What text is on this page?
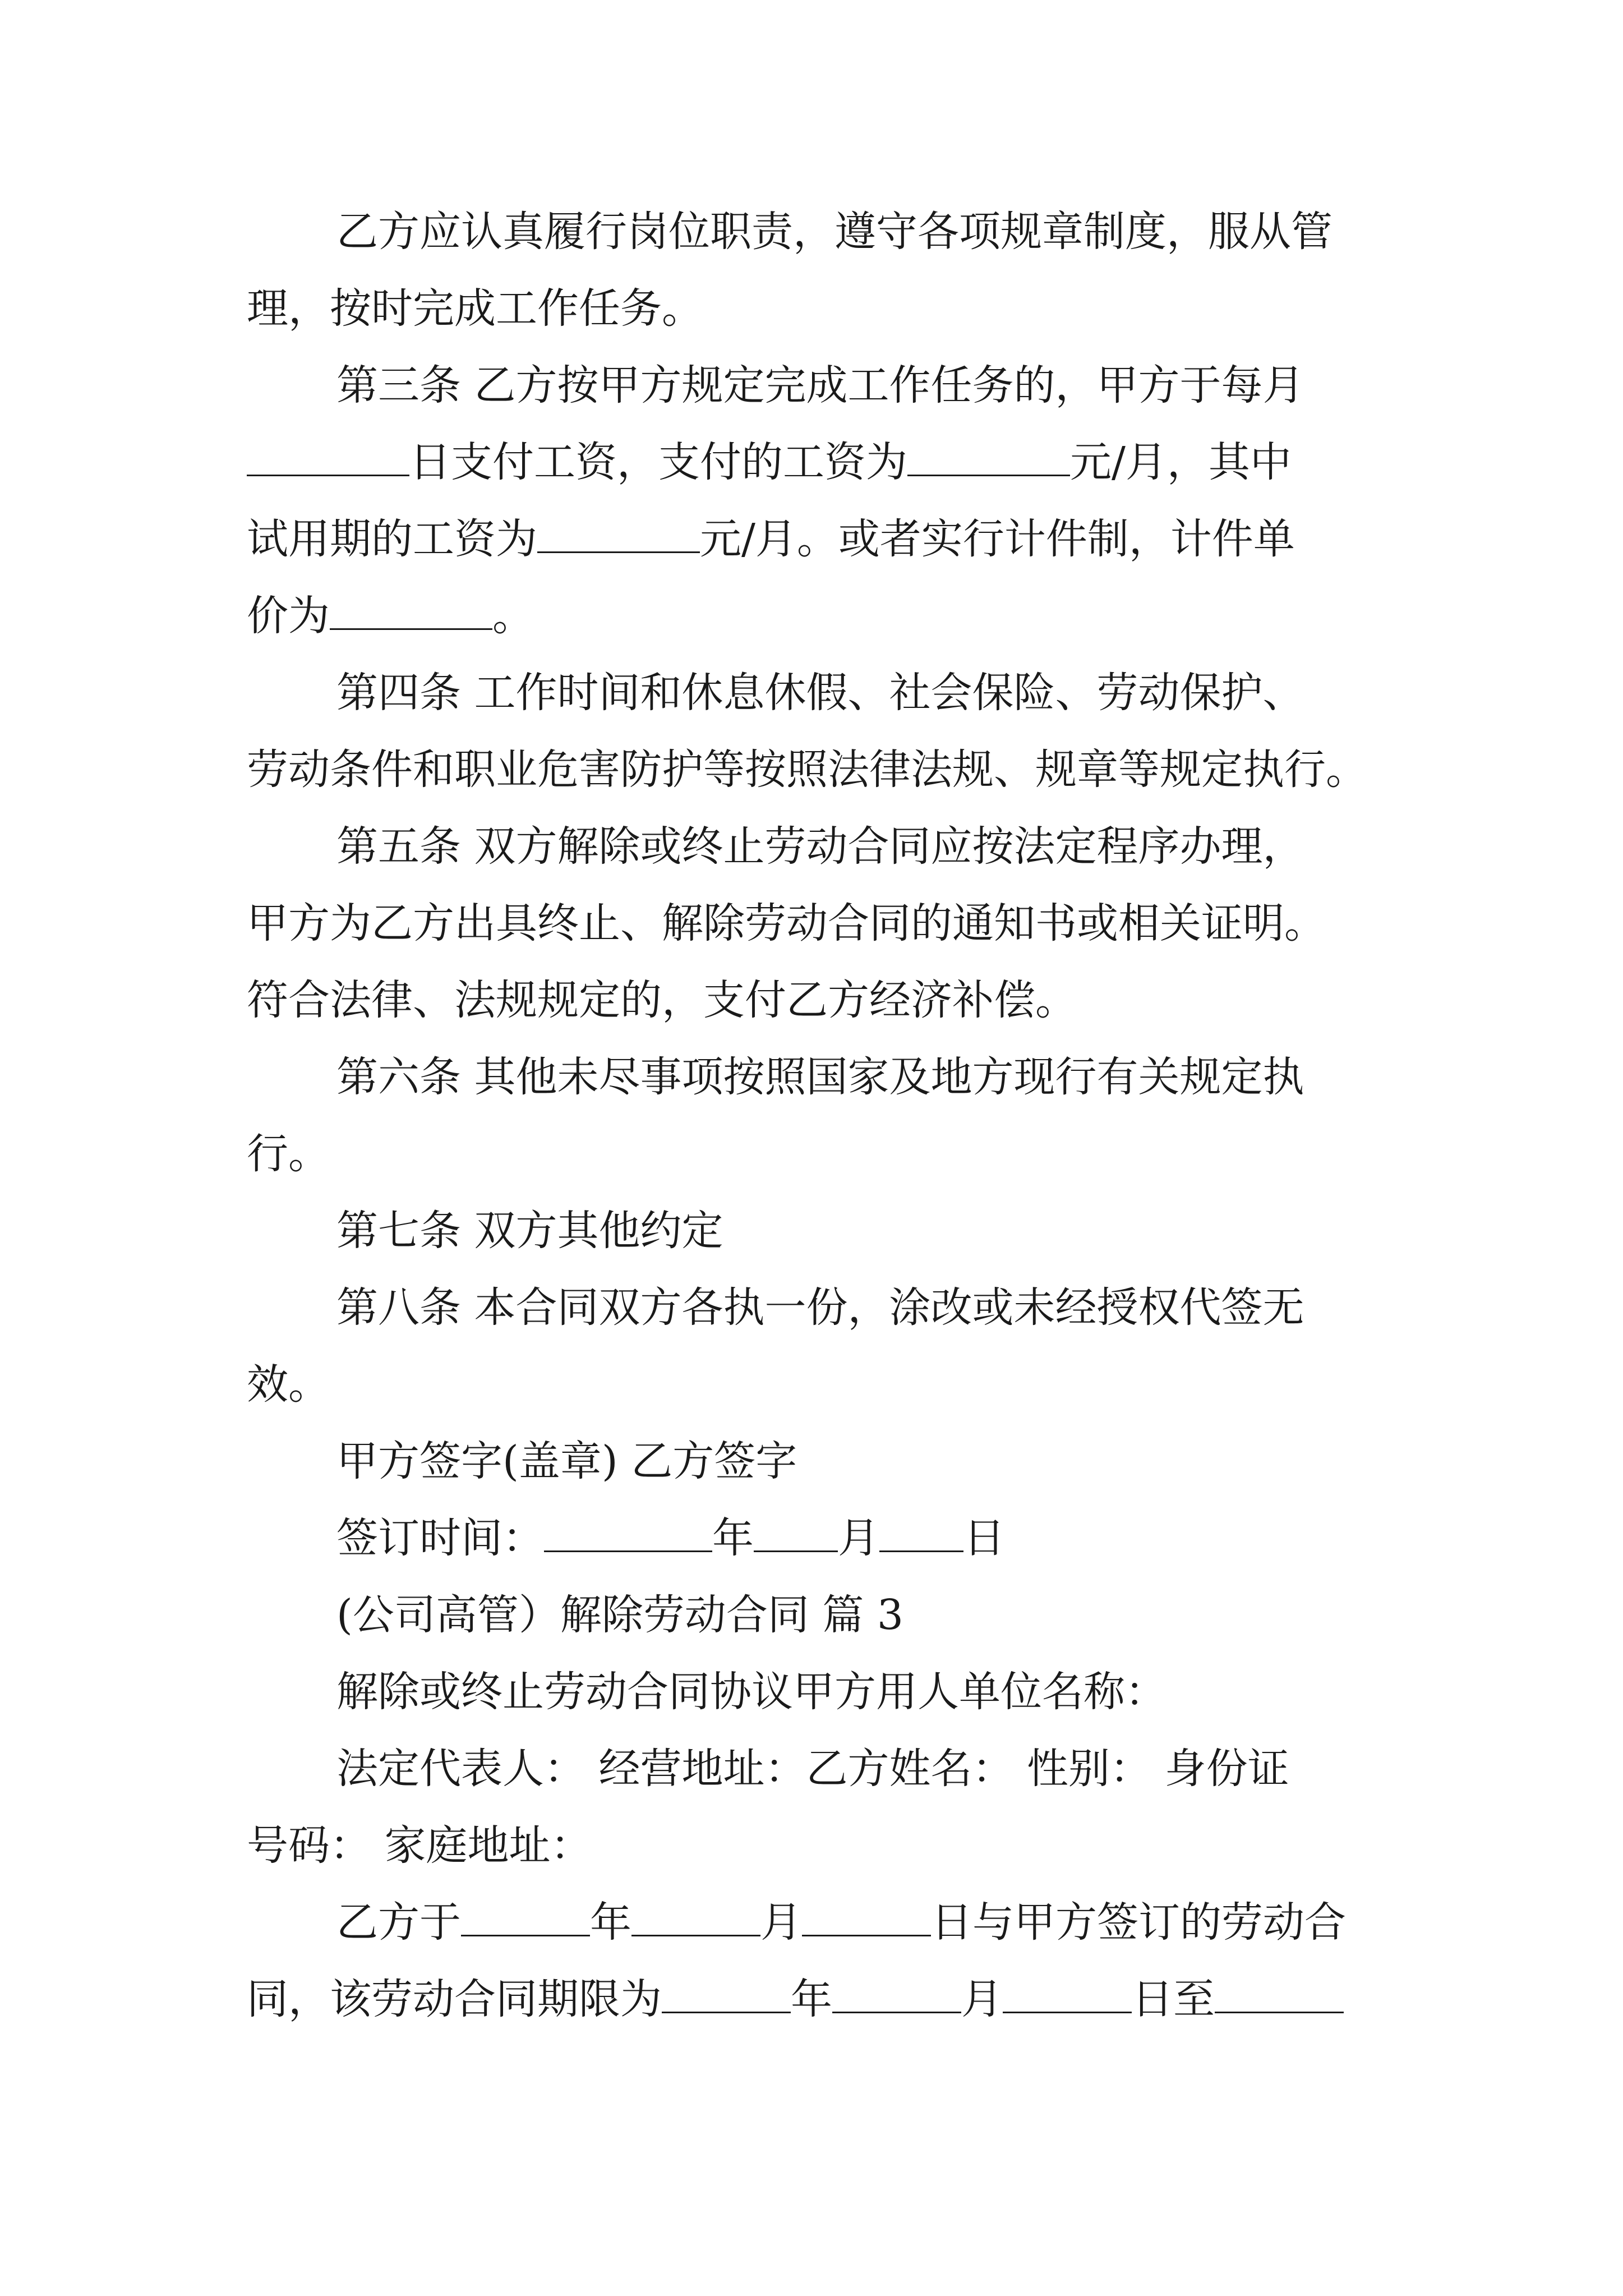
乙方应认真履行岗位职责，遵守各项规章制度，服从管
理，按时完成工作任务。
第三条 乙方按甲方规定完成工作任务的，甲方于每月
日支付工资，支付的工资为	元/月，其中
试用期的工资为	元/月。或者实行计件制，计件单
价为	。
第四条 工作时间和休息休假、社会保险、劳动保护、
劳动条件和职业危害防护等按照法律法规、规章等规定执行。
第五条 双方解除或终止劳动合同应按法定程序办理，
甲方为乙方出具终止、解除劳动合同的通知书或相关证明。
符合法律、法规规定的，支付乙方经济补偿。
第六条 其他未尽事项按照国家及地方现行有关规定执
行。
第七条 双方其他约定
第八条 本合同双方各执一份，涂改或未经授权代签无
效。
甲方签字(盖章) 乙方签字
签订时间：	年 月 日
(公司高管）解除劳动合同 篇 3
解除或终止劳动合同协议甲方用人单位名称：
法定代表人： 经营地址：乙方姓名： 性别： 身份证
号码： 家庭地址：
乙方于	年	月	日与甲方签订的劳动合
同，该劳动合同期限为	年	月	日至
